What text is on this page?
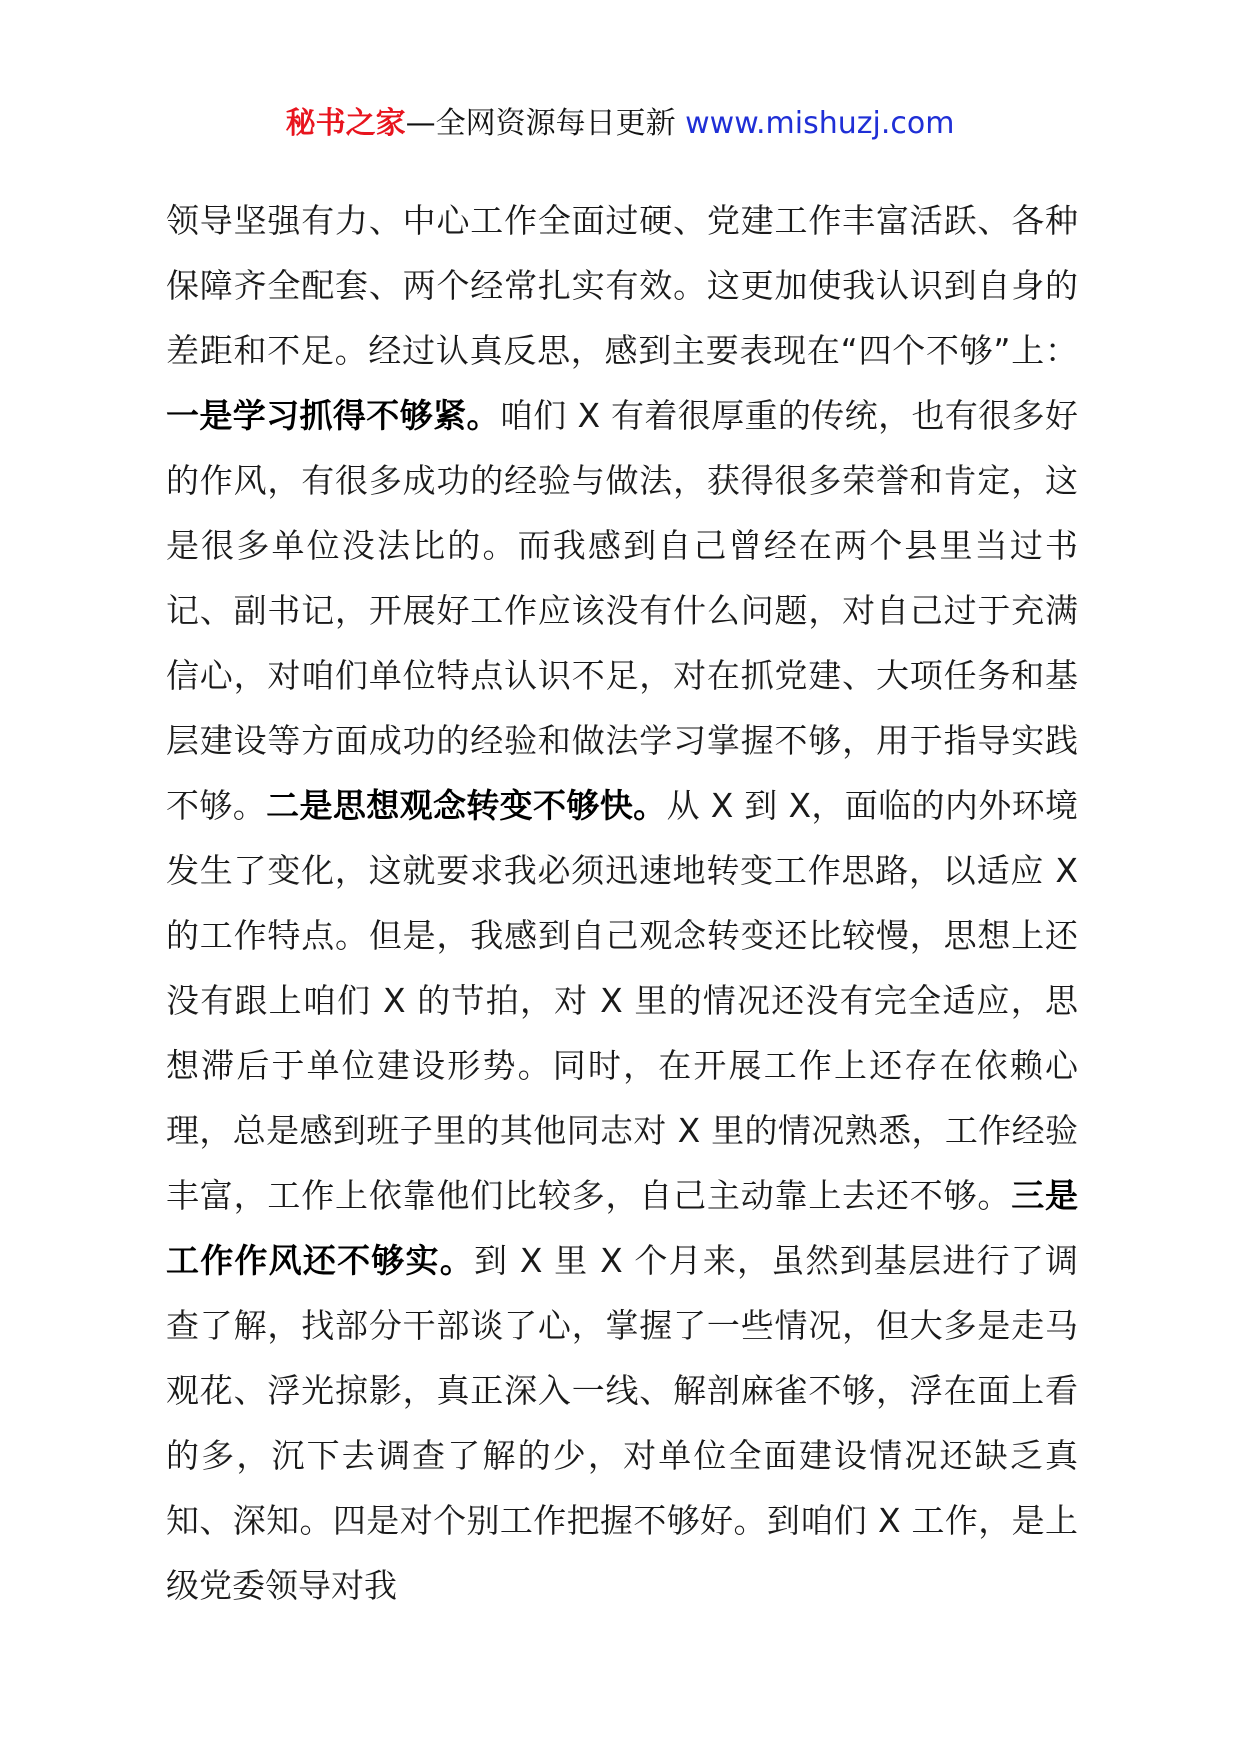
秘书之家—全网资源每日更新 www.mishuzj.com
领导坚强有力、中心工作全面过硬、党建工作丰富活跃、各种保障齐全配套、两个经常扎实有效。这更加使我认识到自身的差距和不足。经过认真反思，感到主要表现在“四个不够”上：一是学习抓得不够紧。咱们 X 有着很厚重的传统，也有很多好的作风，有很多成功的经验与做法，获得很多荣誉和肯定，这是很多单位没法比的。而我感到自己曾经在两个县里当过书记、副书记，开展好工作应该没有什么问题，对自己过于充满信心，对咱们单位特点认识不足，对在抓党建、大项任务和基层建设等方面成功的经验和做法学习掌握不够，用于指导实践不够。二是思想观念转变不够快。从 X 到 X，面临的内外环境发生了变化，这就要求我必须迅速地转变工作思路，以适应 X 的工作特点。但是，我感到自己观念转变还比较慢，思想上还没有跟上咱们 X 的节拍，对 X 里的情况还没有完全适应，思想滞后于单位建设形势。同时，在开展工作上还存在依赖心理，总是感到班子里的其他同志对 X 里的情况熟悉，工作经验丰富，工作上依靠他们比较多，自己主动靠上去还不够。三是工作作风还不够实。到 X 里 X 个月来，虽然到基层进行了调查了解，找部分干部谈了心，掌握了一些情况，但大多是走马观花、浮光掠影，真正深入一线、解剖麻雀不够，浮在面上看的多，沉下去调查了解的少，对单位全面建设情况还缺乏真知、深知。四是对个别工作把握不够好。到咱们 X 工作，是上级党委领导对我
